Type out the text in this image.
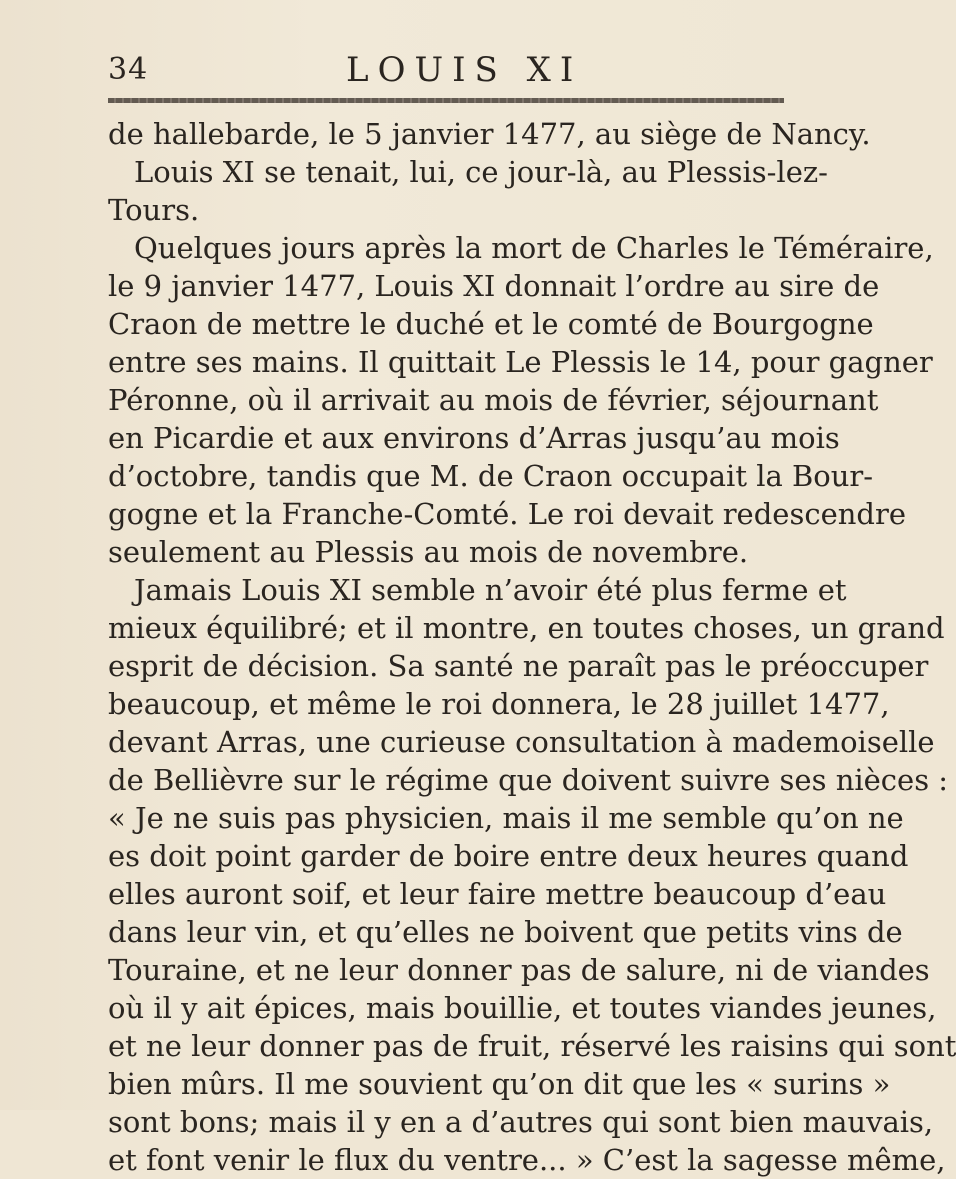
34	LOUIS XI
de hallebarde, le 5 janvier 1477, au siège de Nancy.
Louis XI se tenait, lui, ce jour-là, au Plessis-lez-
Tours.
Quelques jours après la mort de Charles le Téméraire,
le 9 janvier 1477, Louis XI donnait l’ordre au sire de
Craon de mettre le duché et le comté de Bourgogne
entre ses mains. Il quittait Le Plessis le 14, pour gagner
Péronne, où il arrivait au mois de février, séjournant
en Picardie et aux environs d’Arras jusqu’au mois
d’octobre, tandis que M. de Craon occupait la Bour-
gogne et la Franche-Comté. Le roi devait redescendre
seulement au Plessis au mois de novembre.
Jamais Louis XI semble n’avoir été plus ferme et
mieux équilibré; et il montre, en toutes choses, un grand
esprit de décision. Sa santé ne paraît pas le préoccuper
beaucoup, et même le roi donnera, le 28 juillet 1477,
devant Arras, une curieuse consultation à mademoiselle
de Bellièvre sur le régime que doivent suivre ses nièces :
« Je ne suis pas physicien, mais il me semble qu’on ne
es doit point garder de boire entre deux heures quand
elles auront soif, et leur faire mettre beaucoup d’eau
dans leur vin, et qu’elles ne boivent que petits vins de
Touraine, et ne leur donner pas de salure, ni de viandes
où il y ait épices, mais bouillie, et toutes viandes jeunes,
et ne leur donner pas de fruit, réservé les raisins qui sont
bien mûrs. Il me souvient qu’on dit que les « surins »
sont bons; mais il y en a d’autres qui sont bien mauvais,
et font venir le flux du ventre... » C’est la sagesse même,
